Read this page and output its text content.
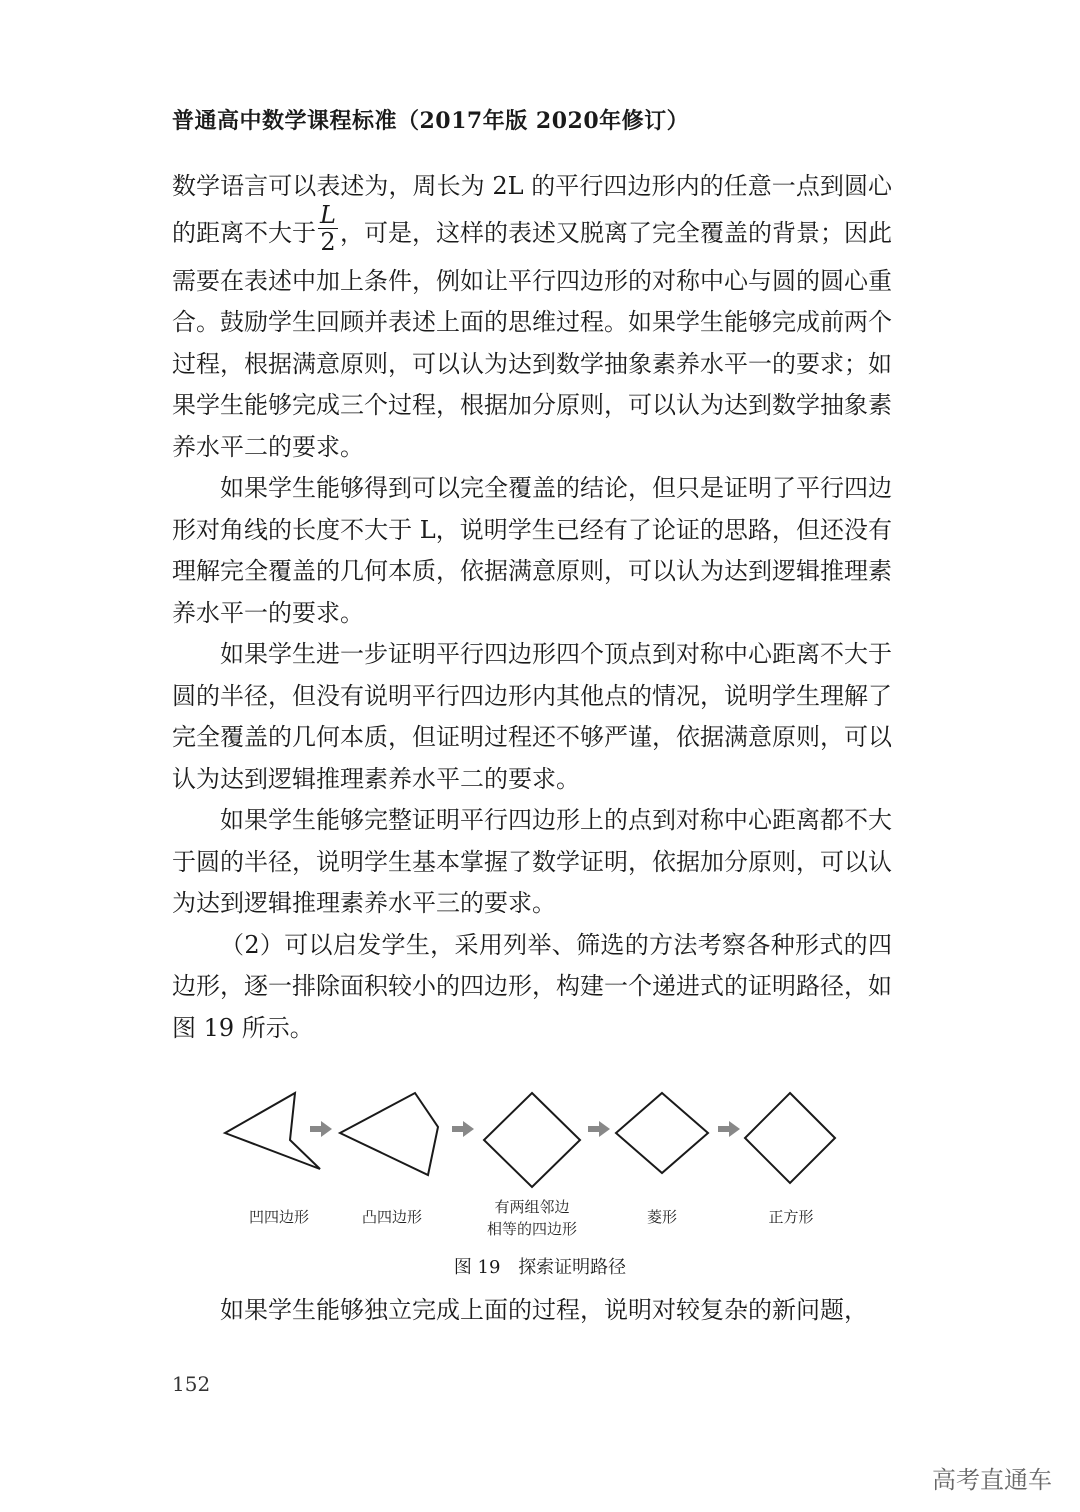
普通高中数学课程标准（2017年版 2020年修订）

数学语言可以表述为，周长为 2L 的平行四边形内的任意一点到圆心的距离不大于 $\frac{L}{2}$ ，可是，这样的表述又脱离了完全覆盖的背景；因此需要在表述中加上条件，例如让平行四边形的对称中心与圆的圆心重合。鼓励学生回顾并表述上面的思维过程。如果学生能够完成前两个过程，根据满意原则，可以认为达到数学抽象素养水平一的要求；如果学生能够完成三个过程，根据加分原则，可以认为达到数学抽象素养水平二的要求。

如果学生能够得到可以完全覆盖的结论，但只是证明了平行四边形对角线的长度不大于 L，说明学生已经有了论证的思路，但还没有理解完全覆盖的几何本质，依据满意原则，可以认为达到逻辑推理素养水平一的要求。

如果学生进一步证明平行四边形四个顶点到对称中心距离不大于圆的半径，但没有说明平行四边形内其他点的情况，说明学生理解了完全覆盖的几何本质，但证明过程还不够严谨，依据满意原则，可以认为达到逻辑推理素养水平二的要求。

如果学生能够完整证明平行四边形上的点到对称中心距离都不大于圆的半径，说明学生基本掌握了数学证明，依据加分原则，可以认为达到逻辑推理素养水平三的要求。

（2）可以启发学生，采用列举、筛选的方法考察各种形式的四边形，逐一排除面积较小的四边形，构建一个递进式的证明路径，如图 19 所示。

凹四边形	凸四边形
有两组邻边
相等的四边形
菱形	正方形
图 19 探索证明路径

如果学生能够独立完成上面的过程，说明对较复杂的新问题，

152
高考直通车
